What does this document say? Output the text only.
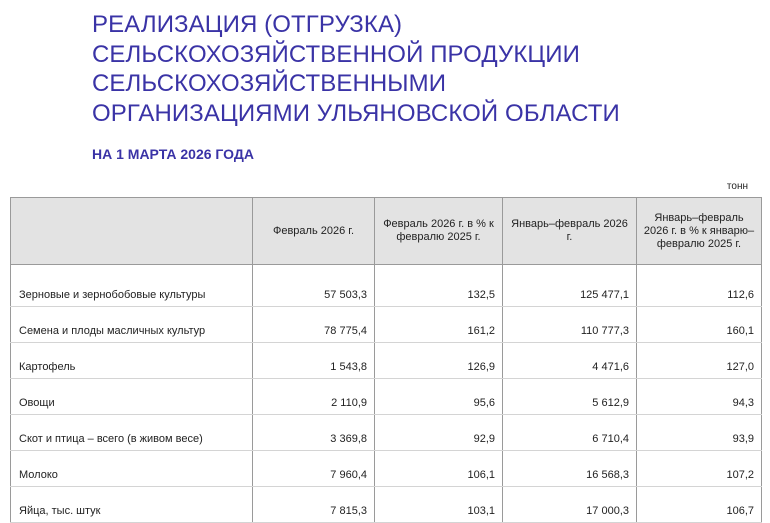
РЕАЛИЗАЦИЯ (ОТГРУЗКА)
СЕЛЬСКОХОЗЯЙСТВЕННОЙ ПРОДУКЦИИ
СЕЛЬСКОХОЗЯЙСТВЕННЫМИ
ОРГАНИЗАЦИЯМИ УЛЬЯНОВСКОЙ ОБЛАСТИ
НА 1 МАРТА 2026 ГОДА
тонн
	Февраль 2026 г.	Февраль 2026 г. в % к февралю 2025 г.	Январь–февраль 2026 г.	Январь–февраль 2026 г. в % к январю–февралю 2025 г.
Зерновые и зернобобовые культуры	57 503,3	132,5	125 477,1	112,6
Семена и плоды масличных культур	78 775,4	161,2	110 777,3	160,1
Картофель	1 543,8	126,9	4 471,6	127,0
Овощи	2 110,9	95,6	5 612,9	94,3
Скот и птица – всего (в живом весе)	3 369,8	92,9	6 710,4	93,9
Молоко	7 960,4	106,1	16 568,3	107,2
Яйца, тыс. штук	7 815,3	103,1	17 000,3	106,7
